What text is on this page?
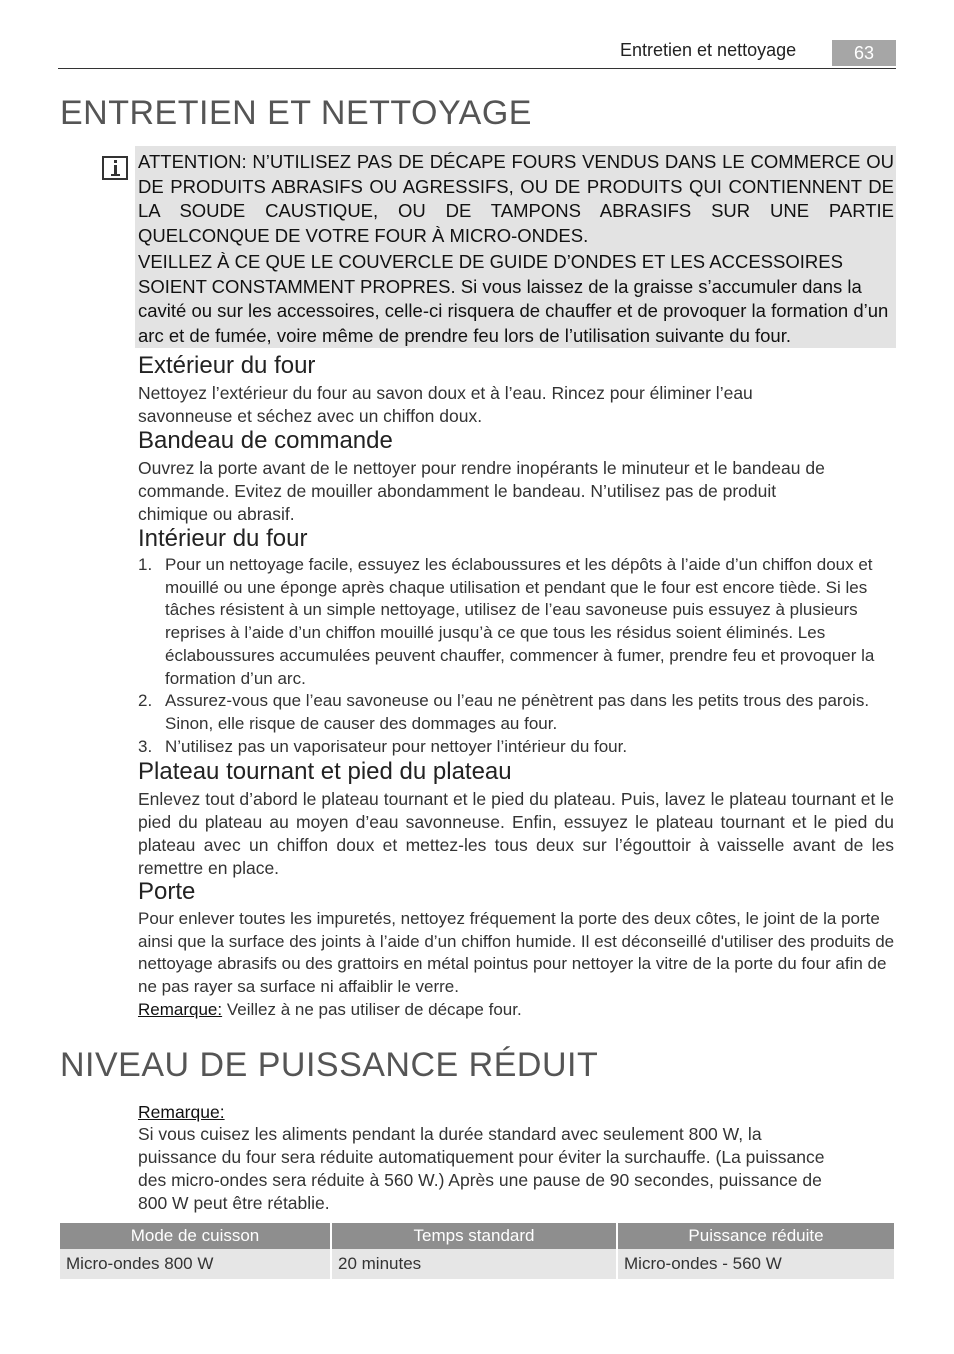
Entretien et nettoyage	63
ENTRETIEN ET NETTOYAGE

ATTENTION: N’UTILISEZ PAS DE DÉCAPE FOURS VENDUS DANS LE COMMERCE OU DE PRODUITS ABRASIFS OU AGRESSIFS, OU DE PRODUITS QUI CONTIENNENT DE LA SOUDE CAUSTIQUE, OU DE TAMPONS ABRASIFS SUR UNE PARTIE QUELCONQUE DE VOTRE FOUR À MICRO-ONDES.

VEILLEZ À CE QUE LE COUVERCLE DE GUIDE D’ONDES ET LES ACCESSOIRES SOIENT CONSTAMMENT PROPRES. Si vous laissez de la graisse s’accumuler dans la cavité ou sur les accessoires, celle-ci risquera de chauffer et de provoquer la formation d’un arc et de fumée, voire même de prendre feu lors de l’utilisation suivante du four.

Extérieur du four

Nettoyez l’extérieur du four au savon doux et à l’eau. Rincez pour éliminer l’eau savonneuse et séchez avec un chiffon doux.

Bandeau de commande

Ouvrez la porte avant de le nettoyer pour rendre inopérants le minuteur et le bandeau de commande. Evitez de mouiller abondamment le bandeau. N’utilisez pas de produit chimique ou abrasif.

Intérieur du four
1. Pour un nettoyage facile, essuyez les éclaboussures et les dépôts à l’aide d’un chiffon doux et mouillé ou une éponge après chaque utilisation et pendant que le four est encore tiède. Si les tâches résistent à un simple nettoyage, utilisez de l’eau savoneuse puis essuyez à plusieurs reprises à l’aide d’un chiffon mouillé jusqu’à ce que tous les résidus soient éliminés. Les éclaboussures accumulées peuvent chauffer, commencer à fumer, prendre feu et provoquer la formation d’un arc.
2. Assurez-vous que l’eau savoneuse ou l’eau ne pénètrent pas dans les petits trous des parois. Sinon, elle risque de causer des dommages au four.
3. N’utilisez pas un vaporisateur pour nettoyer l’intérieur du four.
Plateau tournant et pied du plateau

Enlevez tout d’abord le plateau tournant et le pied du plateau. Puis, lavez le plateau tournant et le pied du plateau au moyen d’eau savonneuse. Enfin, essuyez le plateau tournant et le pied du plateau avec un chiffon doux et mettez-les tous deux sur l’égouttoir à vaisselle avant de les remettre en place.

Porte

Pour enlever toutes les impuretés, nettoyez fréquement la porte des deux côtes, le joint de la porte ainsi que la surface des joints à l’aide d’un chiffon humide. Il est déconseillé d'utiliser des produits de nettoyage abrasifs ou des grattoirs en métal pointus pour nettoyer la vitre de la porte du four afin de ne pas rayer sa surface ni affaiblir le verre.
Remarque: Veillez à ne pas utiliser de décape four.

NIVEAU DE PUISSANCE RÉDUIT
Remarque:

Si vous cuisez les aliments pendant la durée standard avec seulement 800 W, la puissance du four sera réduite automatiquement pour éviter la surchauffe. (La puissance des micro-ondes sera réduite à 560 W.) Après une pause de 90 secondes, puissance de 800 W peut être rétablie.

Mode de cuisson	Temps standard	Puissance réduite
Micro-ondes 800 W	20 minutes	Micro-ondes - 560 W
